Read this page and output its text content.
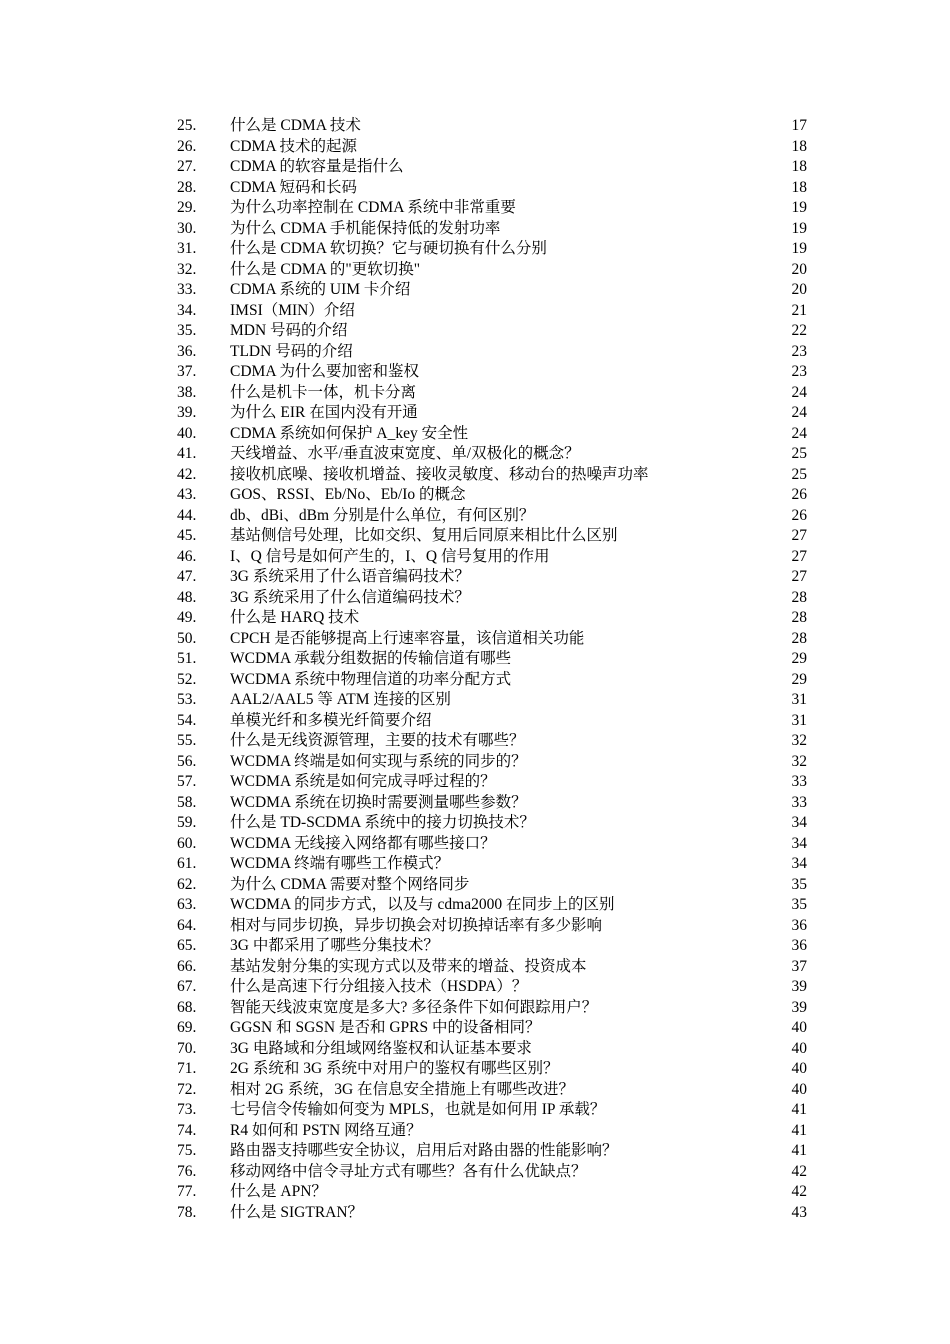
25. 什么是 CDMA 技术	17
26. CDMA 技术的起源	18
27. CDMA 的软容量是指什么	18
28. CDMA 短码和长码	18
29. 为什么功率控制在 CDMA 系统中非常重要	19
30. 为什么 CDMA 手机能保持低的发射功率	19
31. 什么是 CDMA 软切换？它与硬切换有什么分别	19
32. 什么是 CDMA 的"更软切换"	20
33. CDMA 系统的 UIM 卡介绍	20
34. IMSI（MIN）介绍	21
35. MDN 号码的介绍	22
36. TLDN 号码的介绍	23
37. CDMA 为什么要加密和鉴权	23
38. 什么是机卡一体，机卡分离	24
39. 为什么 EIR 在国内没有开通	24
40. CDMA 系统如何保护 A_key 安全性	24
41. 天线增益、水平/垂直波束宽度、单/双极化的概念？	25
42. 接收机底噪、接收机增益、接收灵敏度、移动台的热噪声功率	25
43. GOS、RSSI、Eb/No、Eb/Io 的概念	26
44. db、dBi、dBm 分别是什么单位，有何区别？	26
45. 基站侧信号处理，比如交织、复用后同原来相比什么区别	27
46. I、Q 信号是如何产生的，I、Q 信号复用的作用	27
47. 3G 系统采用了什么语音编码技术？	27
48. 3G 系统采用了什么信道编码技术？	28
49. 什么是 HARQ 技术	28
50. CPCH 是否能够提高上行速率容量，该信道相关功能	28
51. WCDMA 承载分组数据的传输信道有哪些	29
52. WCDMA 系统中物理信道的功率分配方式	29
53. AAL2/AAL5 等 ATM 连接的区别	31
54. 单模光纤和多模光纤简要介绍	31
55. 什么是无线资源管理，主要的技术有哪些？	32
56. WCDMA 终端是如何实现与系统的同步的？	32
57. WCDMA 系统是如何完成寻呼过程的？	33
58. WCDMA 系统在切换时需要测量哪些参数？	33
59. 什么是 TD-SCDMA 系统中的接力切换技术？	34
60. WCDMA 无线接入网络都有哪些接口？	34
61. WCDMA 终端有哪些工作模式？	34
62. 为什么 CDMA 需要对整个网络同步	35
63. WCDMA 的同步方式，以及与 cdma2000 在同步上的区别	35
64. 相对与同步切换，异步切换会对切换掉话率有多少影响	36
65. 3G 中都采用了哪些分集技术？	36
66. 基站发射分集的实现方式以及带来的增益、投资成本	37
67. 什么是高速下行分组接入技术（HSDPA）？	39
68. 智能天线波束宽度是多大? 多径条件下如何跟踪用户？	39
69. GGSN 和 SGSN 是否和 GPRS 中的设备相同？	40
70. 3G 电路域和分组域网络鉴权和认证基本要求	40
71. 2G 系统和 3G 系统中对用户的鉴权有哪些区别？	40
72. 相对 2G 系统，3G 在信息安全措施上有哪些改进？	40
73. 七号信令传输如何变为 MPLS，也就是如何用 IP 承载？	41
74. R4 如何和 PSTN 网络互通？	41
75. 路由器支持哪些安全协议，启用后对路由器的性能影响？	41
76. 移动网络中信令寻址方式有哪些？各有什么优缺点？	42
77. 什么是 APN？	42
78. 什么是 SIGTRAN？	43
